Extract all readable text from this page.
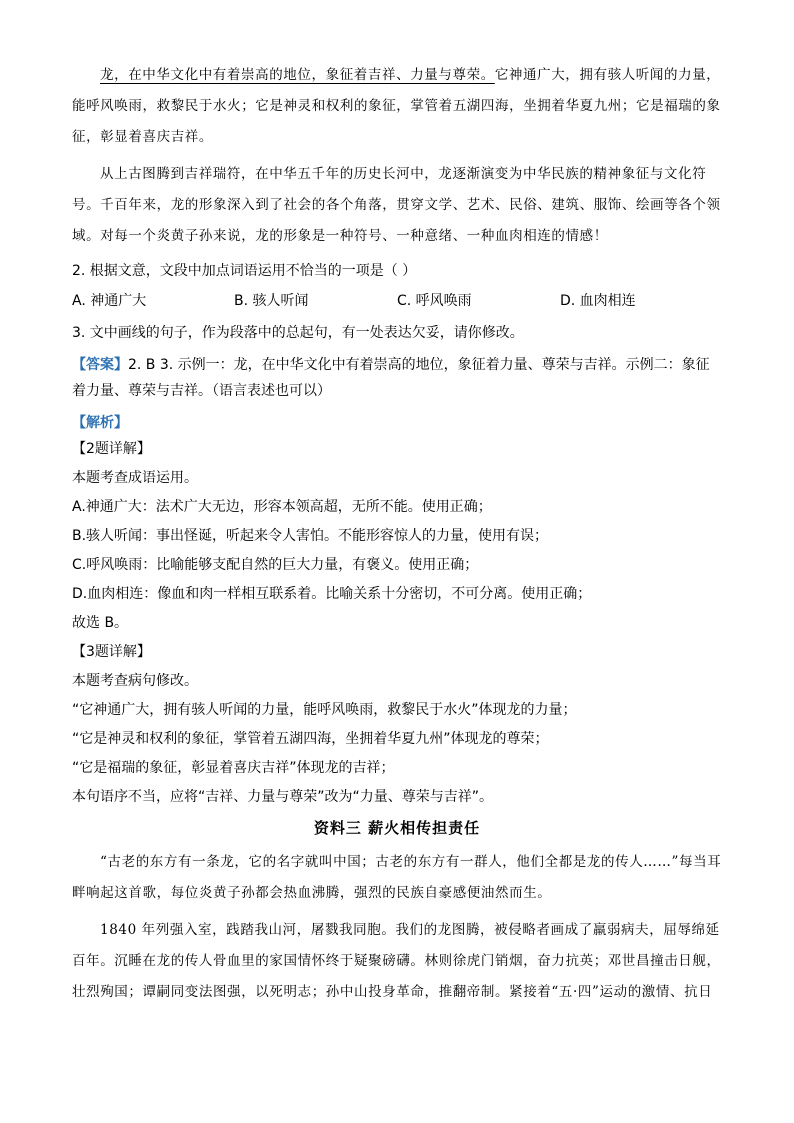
龙，在中华文化中有着崇高的地位，象征着吉祥、力量与尊荣。它神通广大，拥有骇人听闻的力量，能呼风唤雨，救黎民于水火；它是神灵和权利的象征，掌管着五湖四海，坐拥着华夏九州；它是福瑞的象征，彰显着喜庆吉祥。

从上古图腾到吉祥瑞符，在中华五千年的历史长河中，龙逐渐演变为中华民族的精神象征与文化符号。千百年来，龙的形象深入到了社会的各个角落，贯穿文学、艺术、民俗、建筑、服饰、绘画等各个领域。对每一个炎黄子孙来说，龙的形象是一种符号、一种意绪、一种血肉相连的情感！

2. 根据文意，文段中加点词语运用不恰当的一项是（ ）

A. 神通广大	B. 骇人听闻	C. 呼风唤雨	D. 血肉相连

3. 文中画线的句子，作为段落中的总起句，有一处表达欠妥，请你修改。

【答案】2. B 3. 示例一：龙，在中华文化中有着崇高的地位，象征着力量、尊荣与吉祥。示例二：象征着力量、尊荣与吉祥。（语言表述也可以）

【解析】

【2题详解】

本题考查成语运用。

A.神通广大：法术广大无边，形容本领高超，无所不能。使用正确；

B.骇人听闻：事出怪诞，听起来令人害怕。不能形容惊人的力量，使用有误；

C.呼风唤雨：比喻能够支配自然的巨大力量，有褒义。使用正确；

D.血肉相连：像血和肉一样相互联系着。比喻关系十分密切，不可分离。使用正确；

故选 B。

【3题详解】

本题考查病句修改。

“它神通广大，拥有骇人听闻的力量，能呼风唤雨，救黎民于水火”体现龙的力量；

“它是神灵和权利的象征，掌管着五湖四海，坐拥着华夏九州”体现龙的尊荣；

“它是福瑞的象征，彰显着喜庆吉祥”体现龙的吉祥；

本句语序不当，应将“吉祥、力量与尊荣”改为“力量、尊荣与吉祥”。

资料三 薪火相传担责任

“古老的东方有一条龙，它的名字就叫中国；古老的东方有一群人，他们全都是龙的传人……”每当耳畔响起这首歌，每位炎黄子孙都会热血沸腾，强烈的民族自豪感便油然而生。

1840 年列强入室，践踏我山河，屠戮我同胞。我们的龙图腾，被侵略者画成了羸弱病夫，屈辱绵延百年。沉睡在龙的传人骨血里的家国情怀终于疑聚磅礴。林则徐虎门销烟，奋力抗英；邓世昌撞击日舰，壮烈殉国；谭嗣同变法图强，以死明志；孙中山投身革命，推翻帝制。紧接着“五·四”运动的激情、抗日
